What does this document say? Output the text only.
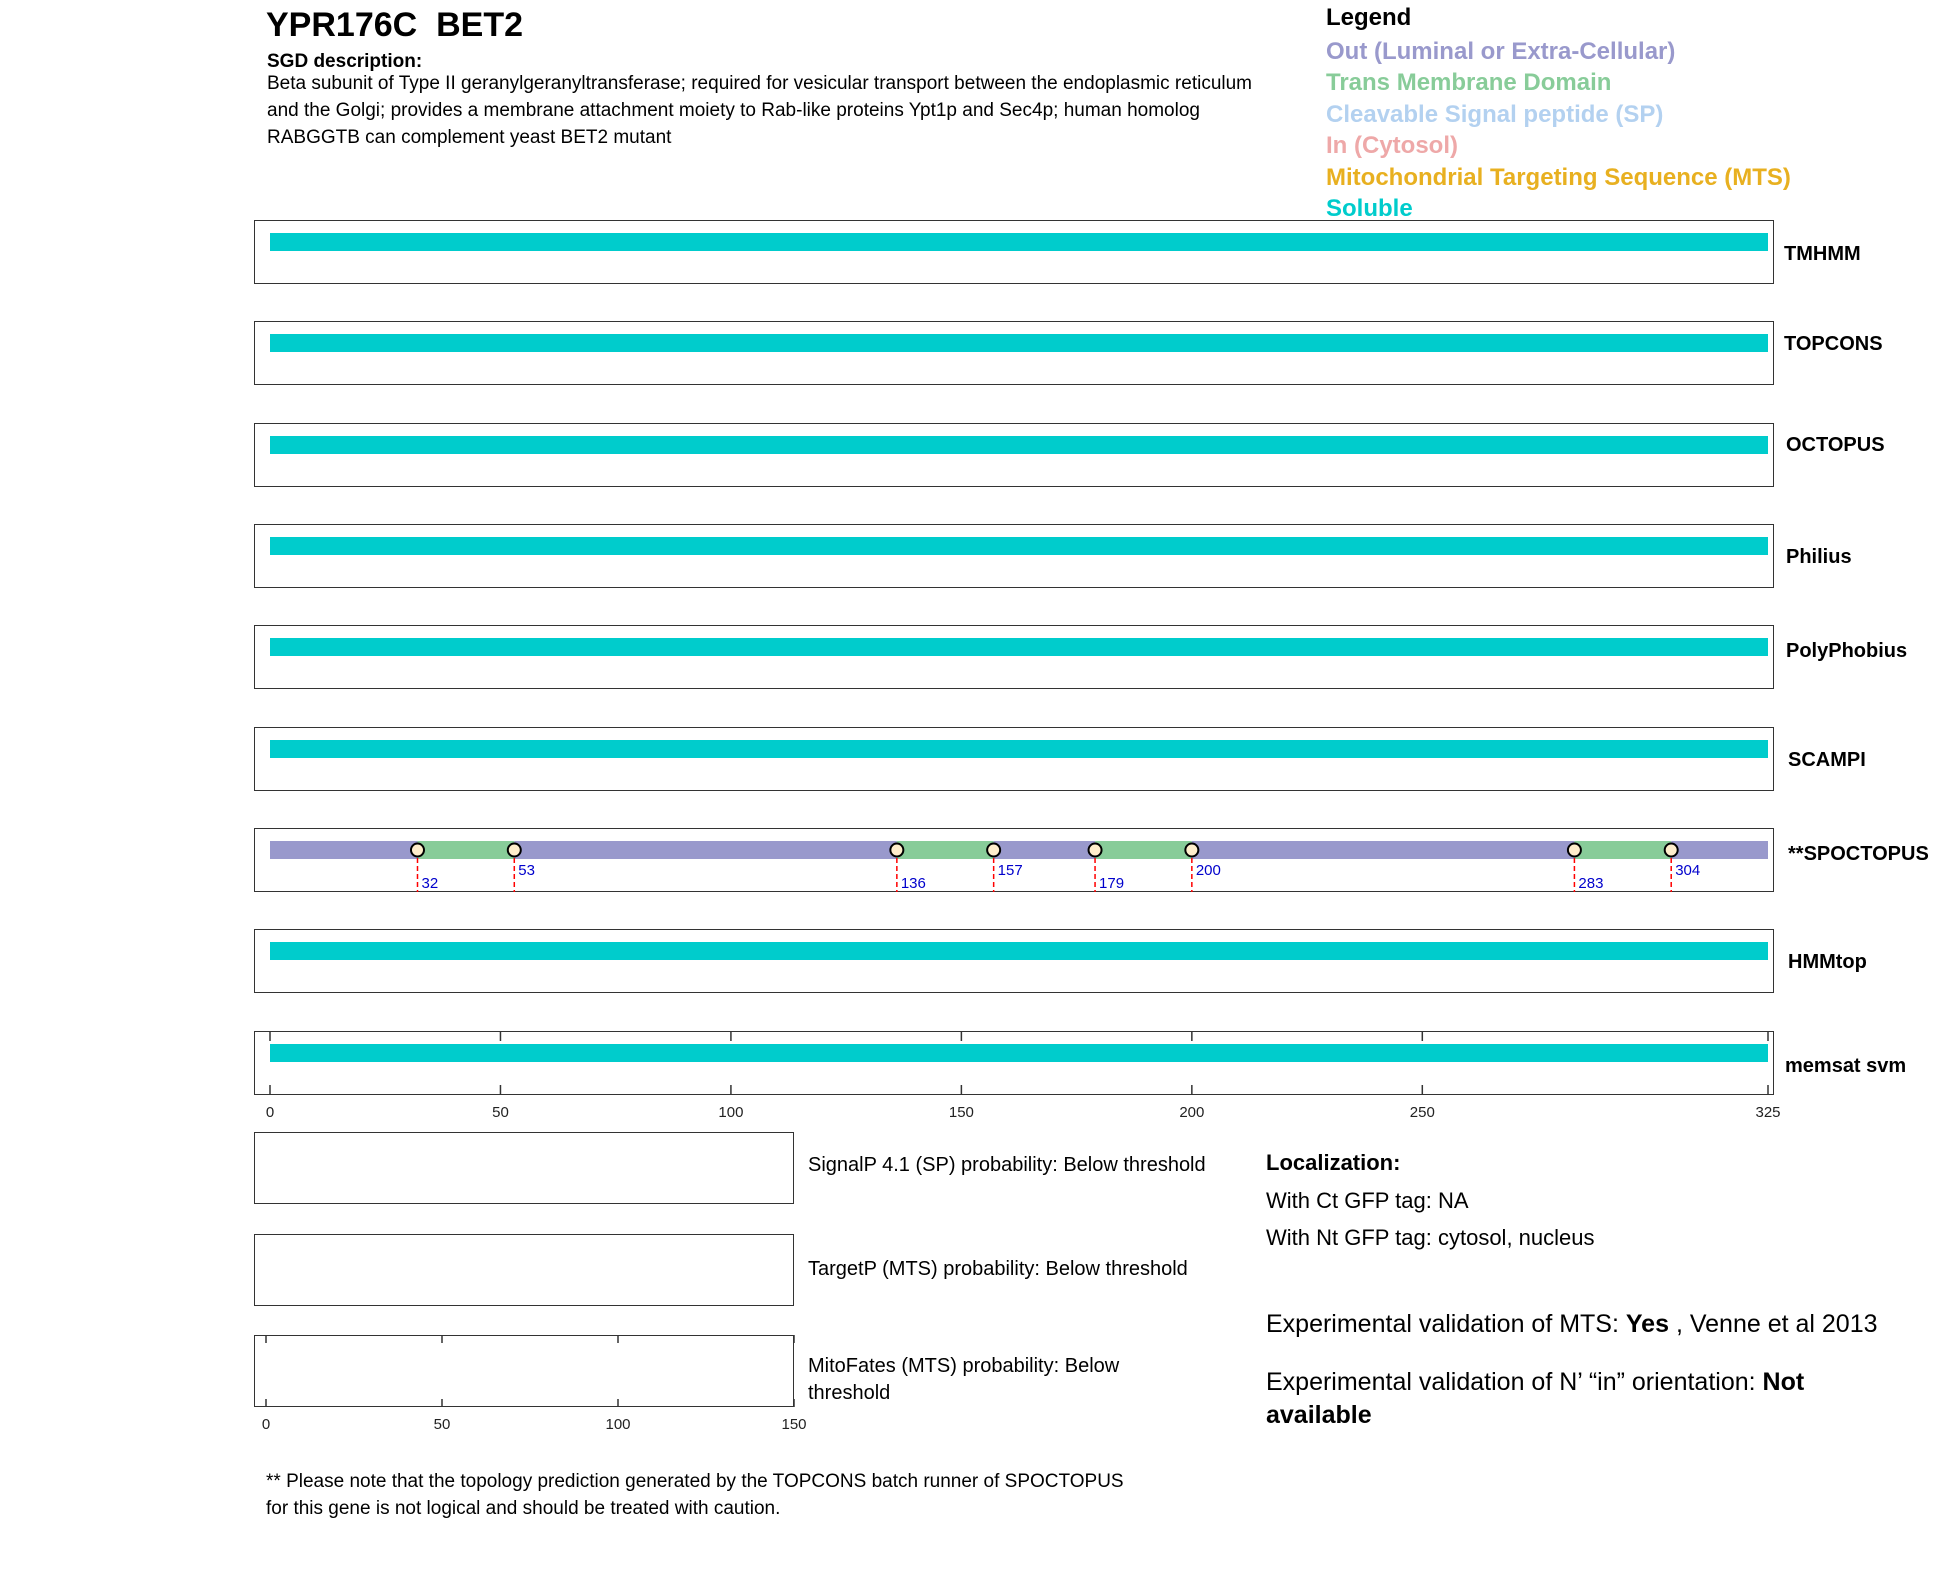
YPR176C  BET2
SGD description:
Beta subunit of Type II geranylgeranyltransferase; required for vesicular transport between the endoplasmic reticulum and the Golgi; provides a membrane attachment moiety to Rab-like proteins Ypt1p and Sec4p; human homolog RABGGTB can complement yeast BET2 mutant
Legend
Out (Luminal or Extra-Cellular)
Trans Membrane Domain
Cleavable Signal peptide (SP)
In (Cytosol)
Mitochondrial Targeting Sequence (MTS)
Soluble
TMHMM
TOPCONS
OCTOPUS
Philius
PolyPhobius
SCAMPI
**SPOCTOPUS
HMMtop
memsat svm
SignalP 4.1 (SP) probability: Below threshold
TargetP (MTS) probability: Below threshold
MitoFates (MTS) probability: Below threshold
32
53
136
157
179
200
283
304
0	50	100	150	200	250	325
0	50	100	150
Localization:
With Ct GFP tag: NA
With Nt GFP tag: cytosol, nucleus
Experimental validation of MTS: Yes , Venne et al 2013
Experimental validation of N’ “in” orientation: Not available
** Please note that the topology prediction generated by the TOPCONS batch runner of SPOCTOPUS for this gene is not logical and should be treated with caution.
